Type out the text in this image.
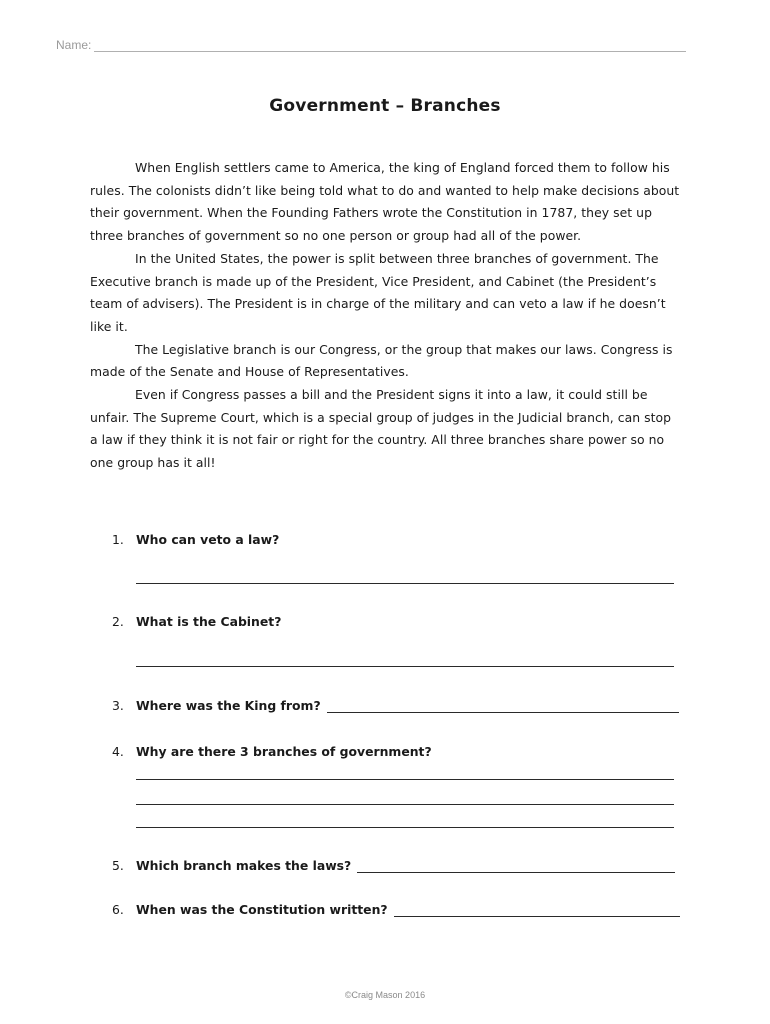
Name:
Government – Branches

When English settlers came to America, the king of England forced them to follow his rules. The colonists didn’t like being told what to do and wanted to help make decisions about their government. When the Founding Fathers wrote the Constitution in 1787, they set up three branches of government so no one person or group had all of the power.

In the United States, the power is split between three branches of government. The Executive branch is made up of the President, Vice President, and Cabinet (the President’s team of advisers). The President is in charge of the military and can veto a law if he doesn’t like it.

The Legislative branch is our Congress, or the group that makes our laws. Congress is made of the Senate and House of Representatives.

Even if Congress passes a bill and the President signs it into a law, it could still be unfair. The Supreme Court, which is a special group of judges in the Judicial branch, can stop a law if they think it is not fair or right for the country. All three branches share power so no one group has it all!

1. Who can veto a law?
2. What is the Cabinet?
3. Where was the King from?
4. Why are there 3 branches of government?
5. Which branch makes the laws?
6. When was the Constitution written?
©Craig Mason 2016
